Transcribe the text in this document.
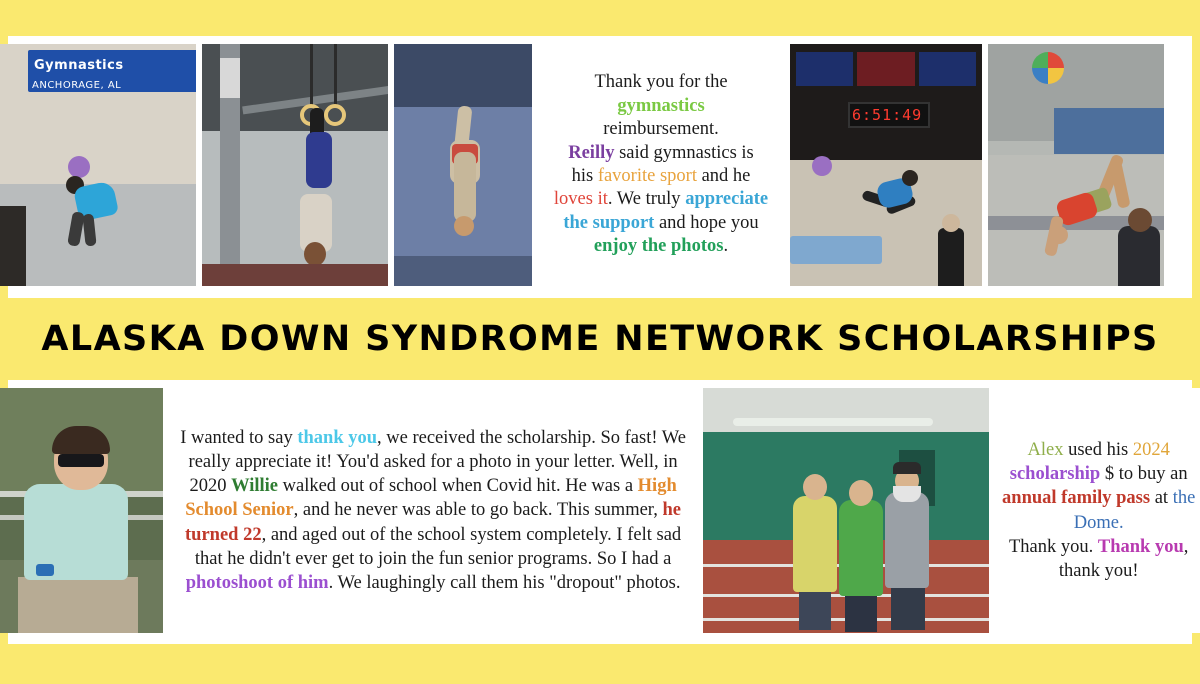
Gymnastics
ANCHORAGE, AL	Thank you for the
gymnastics
reimbursement.
Reilly said gymnastics is
his favorite sport and he
loves it. We truly appreciate the support and hope you
enjoy the photos.
6:51:49
ALASKA DOWN SYNDROME NETWORK SCHOLARSHIPS
I wanted to say thank you, we received the scholarship. So fast! We really appreciate it! You'd asked for a photo in your letter. Well, in 2020 Willie walked out of school when Covid hit. He was a High School Senior, and he never was able to go back. This summer, he turned 22, and aged out of the school system completely. I felt sad that he didn't ever get to join the fun senior programs. So I had a photoshoot of him. We laughingly call them his "dropout" photos.
Alex used his 2024 scholarship $ to buy an annual family pass at the Dome.
Thank you. Thank you, thank you!
